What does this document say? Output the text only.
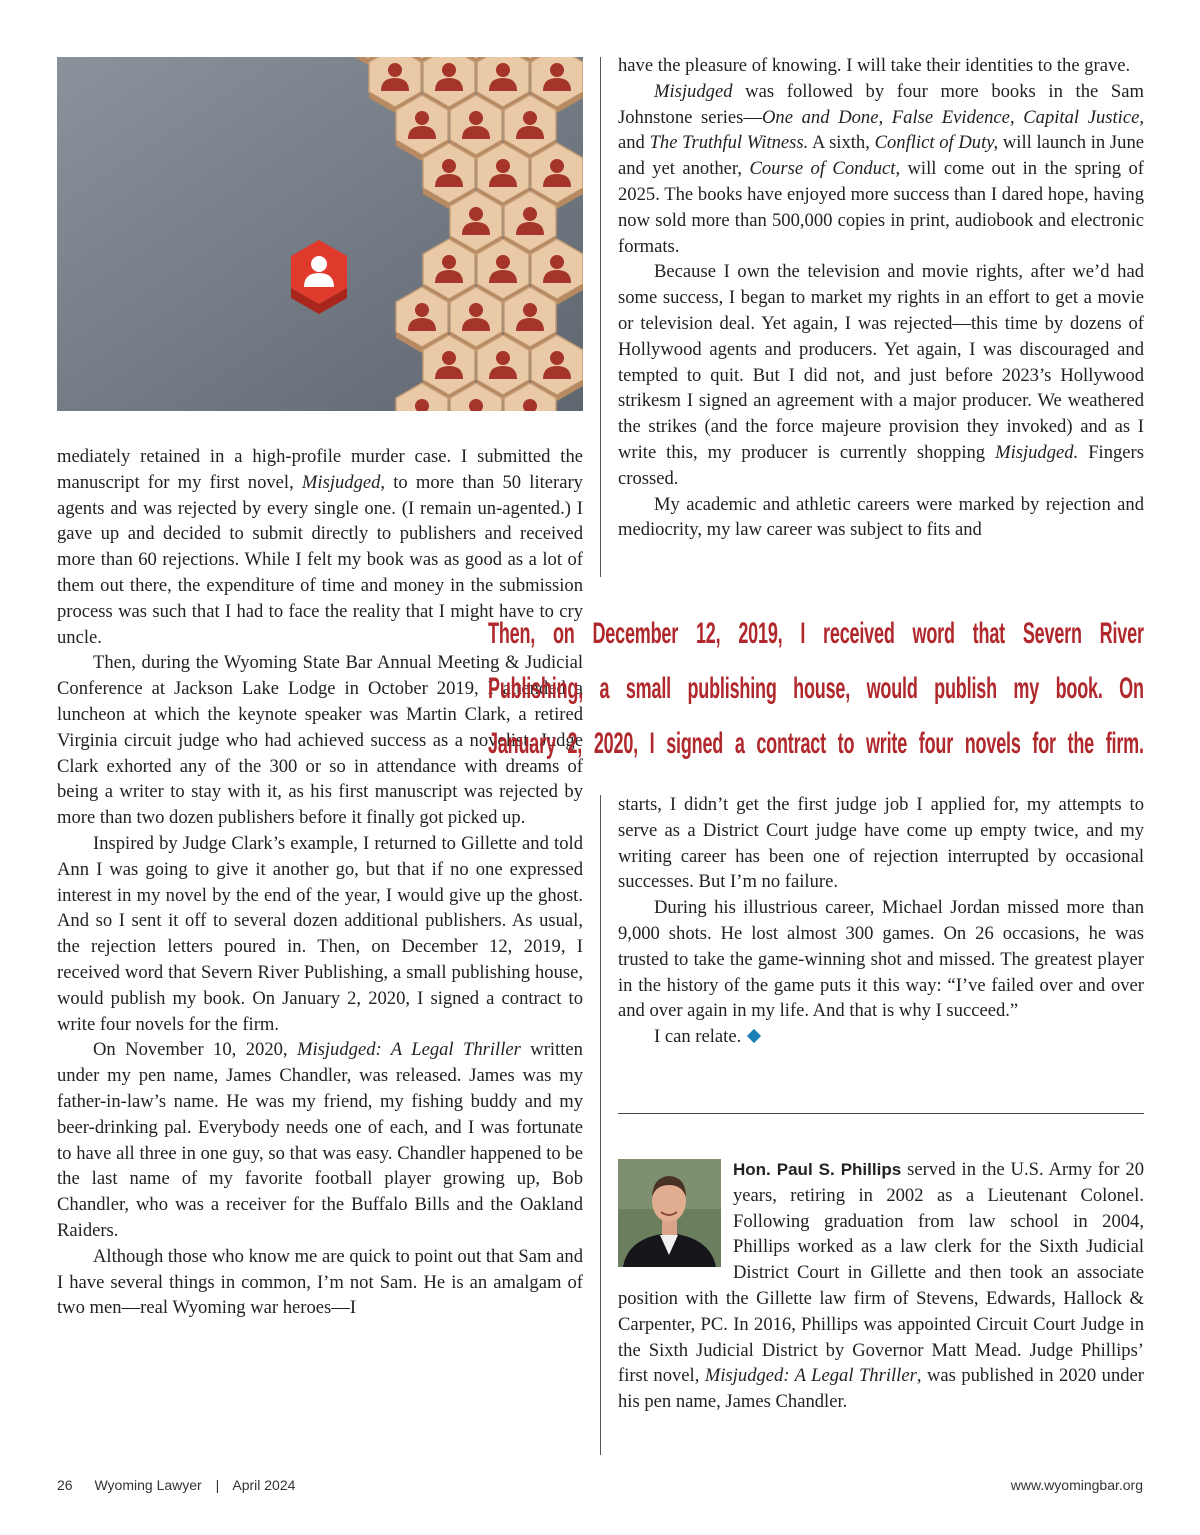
mediately retained in a high-profile murder case. I submitted the manuscript for my first novel, Misjudged, to more than 50 literary agents and was rejected by every single one. (I remain un-agented.) I gave up and decided to submit directly to publishers and received more than 60 rejections. While I felt my book was as good as a lot of them out there, the expenditure of time and money in the submission process was such that I had to face the reality that I might have to cry uncle.

Then, during the Wyoming State Bar Annual Meeting & Judicial Conference at Jackson Lake Lodge in October 2019, I attended a luncheon at which the keynote speaker was Martin Clark, a retired Virginia circuit judge who had achieved success as a novelist. Judge Clark exhorted any of the 300 or so in attendance with dreams of being a writer to stay with it, as his first manuscript was rejected by more than two dozen publishers before it finally got picked up.

Inspired by Judge Clark’s example, I returned to Gillette and told Ann I was going to give it another go, but that if no one expressed interest in my novel by the end of the year, I would give up the ghost. And so I sent it off to several dozen additional publishers. As usual, the rejection letters poured in. Then, on December 12, 2019, I received word that Severn River Publishing, a small publishing house, would publish my book. On January 2, 2020, I signed a contract to write four novels for the firm.

On November 10, 2020, Misjudged: A Legal Thriller written under my pen name, James Chandler, was released. James was my father-in-law’s name. He was my friend, my fishing buddy and my beer-drinking pal. Everybody needs one of each, and I was fortunate to have all three in one guy, so that was easy. Chandler happened to be the last name of my favorite football player growing up, Bob Chandler, who was a receiver for the Buffalo Bills and the Oakland Raiders.

Although those who know me are quick to point out that Sam and I have several things in common, I’m not Sam. He is an amalgam of two men—real Wyoming war heroes—I

have the pleasure of knowing. I will take their identities to the grave.

Misjudged was followed by four more books in the Sam Johnstone series—One and Done, False Evidence, Capital Justice, and The Truthful Witness. A sixth, Conflict of Duty, will launch in June and yet another, Course of Conduct, will come out in the spring of 2025. The books have enjoyed more success than I dared hope, having now sold more than 500,000 copies in print, audiobook and electronic formats.

Because I own the television and movie rights, after we’d had some success, I began to market my rights in an effort to get a movie or television deal. Yet again, I was rejected—this time by dozens of Hollywood agents and producers. Yet again, I was discouraged and tempted to quit. But I did not, and just before 2023’s Hollywood strikesm I signed an agreement with a major producer. We weathered the strikes (and the force majeure provision they invoked) and as I write this, my producer is currently shopping Misjudged. Fingers crossed.

My academic and athletic careers were marked by rejection and mediocrity, my law career was subject to fits and

Then, on December 12, 2019, I received word that Severn River
Publishing, a small publishing house, would publish my book. On
January 2, 2020, I signed a contract to write four novels for the firm.

starts, I didn’t get the first judge job I applied for, my attempts to serve as a District Court judge have come up empty twice, and my writing career has been one of rejection interrupted by occasional successes. But I’m no failure.

During his illustrious career, Michael Jordan missed more than 9,000 shots. He lost almost 300 games. On 26 occasions, he was trusted to take the game-winning shot and missed. The greatest player in the history of the game puts it this way: “I’ve failed over and over and over again in my life. And that is why I succeed.”

I can relate.

Hon. Paul S. Phillips served in the U.S. Army for 20 years, retiring in 2002 as a Lieutenant Colonel. Following graduation from law school in 2004, Phillips worked as a law clerk for the Sixth Judicial District Court in Gillette and then took an associate position with the Gillette law firm of Stevens, Edwards, Hallock & Carpenter, PC. In 2016, Phillips was appointed Circuit Court Judge in the Sixth Judicial District by Governor Matt Mead. Judge Phillips’ first novel, Misjudged: A Legal Thriller, was published in 2020 under his pen name, James Chandler.

26 Wyoming Lawyer | April 2024	www.wyomingbar.org
